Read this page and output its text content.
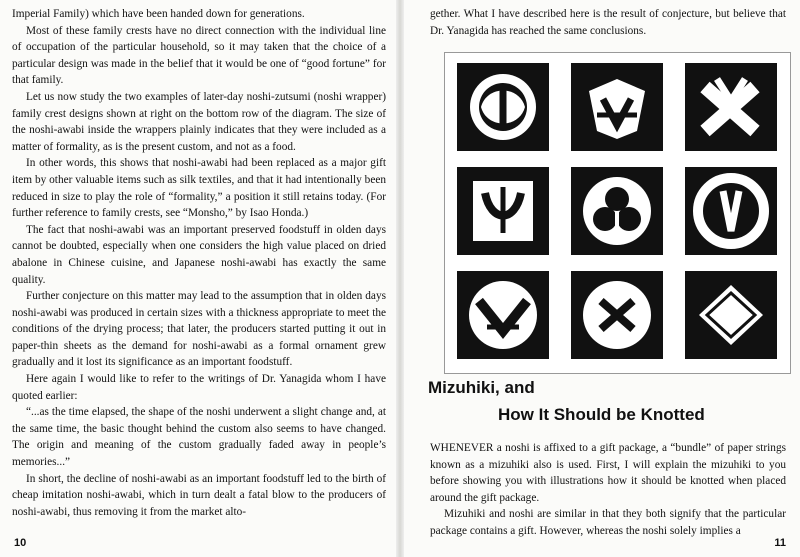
Imperial Family) which have been handed down for generations.

Most of these family crests have no direct connection with the individual line of occupation of the particular household, so it may taken that the choice of a particular design was made in the belief that it would be one of “good fortune” for that family.

Let us now study the two examples of later-day noshi-zutsumi (noshi wrapper) family crest designs shown at right on the bottom row of the diagram. The size of the noshi-awabi inside the wrappers plainly indicates that they were included as a matter of formality, as is the present custom, and not as a food.

In other words, this shows that noshi-awabi had been replaced as a major gift item by other valuable items such as silk textiles, and that it had intentionally been reduced in size to play the role of “formality,” a position it still retains today. (For further reference to family crests, see “Monsho,” by Isao Honda.)

The fact that noshi-awabi was an important preserved foodstuff in olden days cannot be doubted, especially when one considers the high value placed on dried abalone in Chinese cuisine, and Japanese noshi-awabi has exactly the same quality.

Further conjecture on this matter may lead to the assumption that in olden days noshi-awabi was produced in certain sizes with a thickness appropriate to meet the conditions of the drying process; that later, the producers started putting it out in paper-thin sheets as the demand for noshi-awabi as a formal ornament grew gradually and it lost its significance as an important foodstuff.

Here again I would like to refer to the writings of Dr. Yanagida whom I have quoted earlier:

“...as the time elapsed, the shape of the noshi underwent a slight change and, at the same time, the basic thought behind the custom also seems to have changed. The origin and meaning of the custom gradually faded away in people’s memories...”

In short, the decline of noshi-awabi as an important foodstuff led to the birth of cheap imitation noshi-awabi, which in turn dealt a fatal blow to the producers of noshi-awabi, thus removing it from the market alto-

10

gether. What I have described here is the result of conjecture, but believe that Dr. Yanagida has reached the same conclusions.

Mizuhiki, and
How It Should be Knotted

WHENEVER a noshi is affixed to a gift package, a “bundle” of paper strings known as a mizuhiki also is used. First, I will explain the mizuhiki to you before showing you with illustrations how it should be knotted when placed around the gift package.

Mizuhiki and noshi are similar in that they both signify that the particular package contains a gift. However, whereas the noshi solely implies a

11
